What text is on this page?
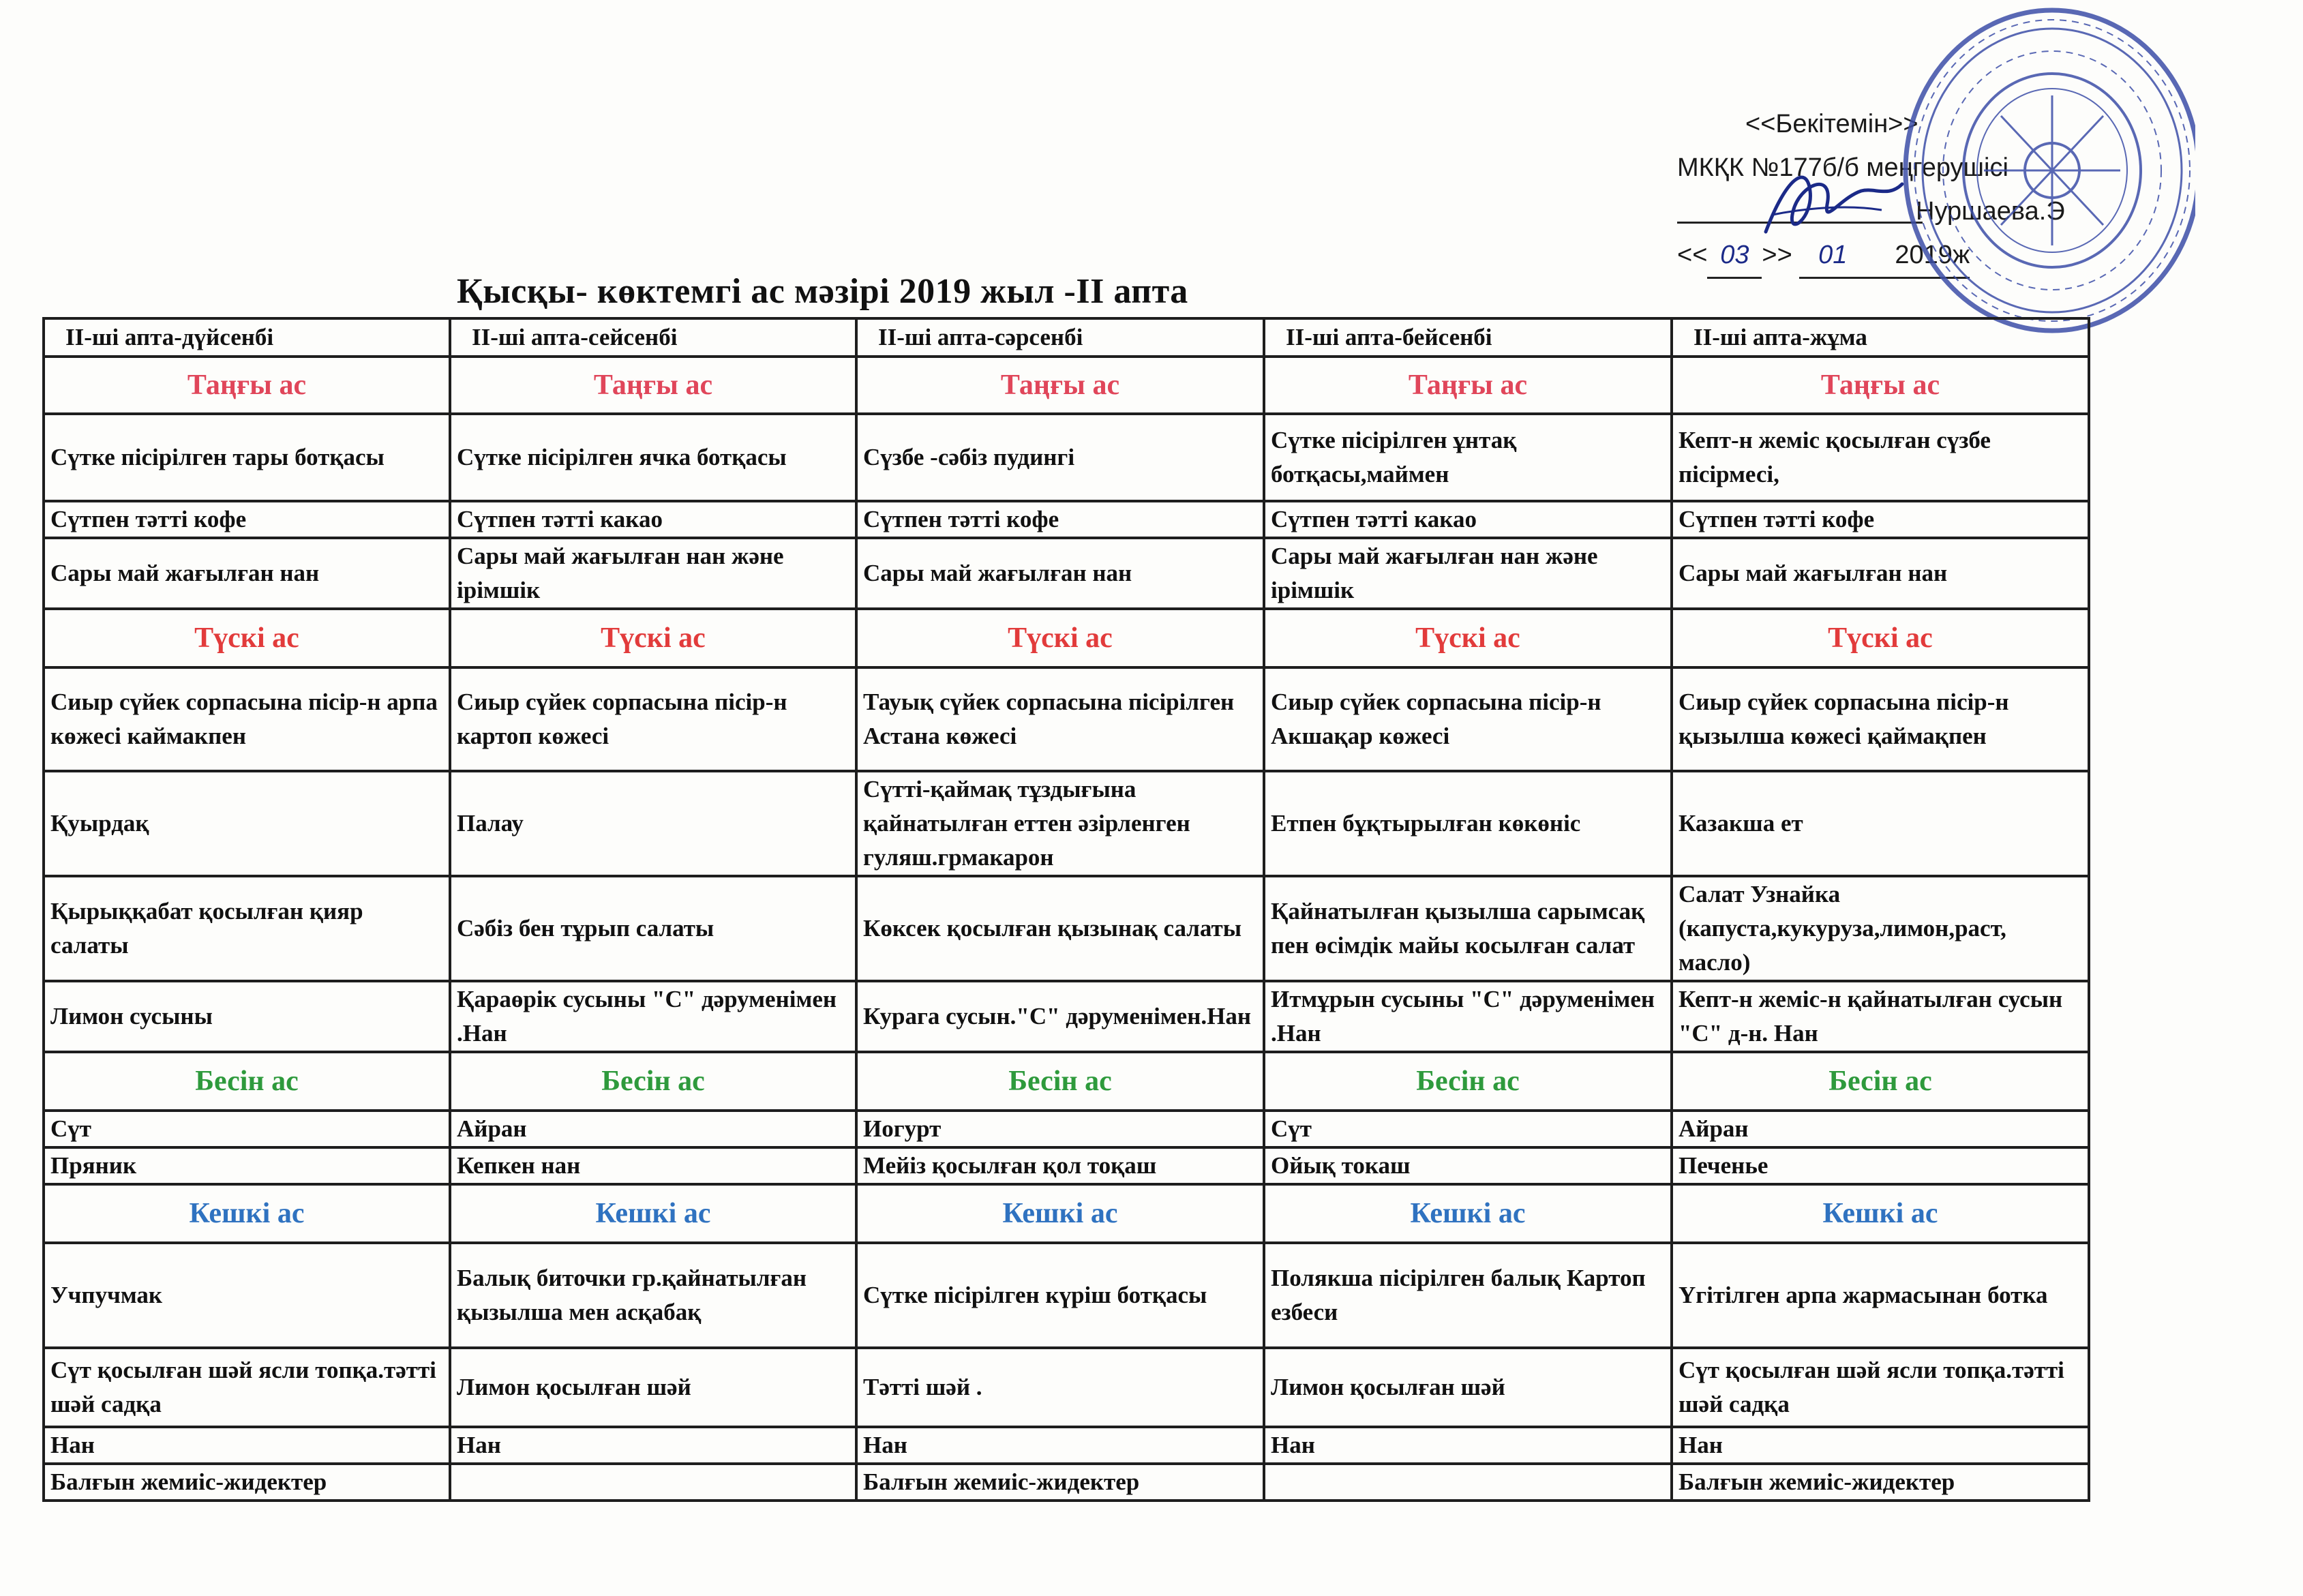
<<Бекітемін>>
МКҚК №177б/б меңгерушісі
Нуршаева.Э
<< 03 >> 01 2019ж
Қысқы- көктемгі ас мәзірі 2019 жыл -II апта
II-ші апта-дүйсенбі	II-ші апта-сейсенбі	II-ші апта-сәрсенбі	II-ші апта-бейсенбі	II-ші апта-жұма
Таңғы ас	Таңғы ас	Таңғы ас	Таңғы ас	Таңғы ас
Сүтке пісірілген тары ботқасы	Сүтке пісірілген ячка ботқасы	Сүзбе -сәбіз пудингі	Сүтке пісірілген ұнтақ ботқасы,маймен	Кепт-н жеміс қосылған сүзбе пісірмесі,
Сүтпен тәтті кофе	Сүтпен тәтті какао	Сүтпен тәтті кофе	Сүтпен тәтті какао	Сүтпен тәтті кофе
Сары май жағылған нан	Сары май жағылған нан және ірімшік	Сары май жағылған нан	Сары май жағылған нан және ірімшік	Сары май жағылған нан
Түскі ас	Түскі ас	Түскі ас	Түскі ас	Түскі ас
Сиыр сүйек сорпасына пісір-н арпа көжесі каймакпен	Сиыр сүйек сорпасына пісір-н картоп көжесі	Тауық сүйек сорпасына пісірілген Астана көжесі	Сиыр сүйек сорпасына пісір-н Акшақар көжесі	Сиыр сүйек сорпасына пісір-н қызылша көжесі қаймақпен
Қуырдақ	Палау	Сүтті-қаймақ тұздығына қайнатылған еттен әзірленген гуляш.грмакарон	Етпен бұқтырылған көкөніс	Казакша ет
Қырыққабат қосылған қияр салаты	Сәбіз бен тұрып салаты	Көксек қосылған қызынақ салаты	Қайнатылған қызылша сарымсақ пен өсімдік майы косылған салат	Салат Узнайка (капуста,кукуруза,лимон,раст, масло)
Лимон сусыны	Қараөрік сусыны "С" дәруменімен .Нан	Курага сусын."С" дәруменімен.Нан	Итмұрын сусыны "С" дәруменімен .Нан	Кепт-н жеміс-н қайнатылған сусын "С" д-н. Нан
Бесін ас	Бесін ас	Бесін ас	Бесін ас	Бесін ас
Сүт	Айран	Иогурт	Сүт	Айран
Пряник	Кепкен нан	Мейіз қосылған қол тоқаш	Ойық токаш	Печенье
Кешкі ас	Кешкі ас	Кешкі ас	Кешкі ас	Кешкі ас
Учпучмак	Балық биточки гр.қайнатылған қызылша мен асқабақ	Сүтке пісірілген күріш ботқасы	Полякша пісірілген балық Картоп езбеси	Үгітілген арпа жармасынан ботка
Сүт қосылған шәй ясли топқа.тәтті шәй садқа	Лимон қосылған шәй	Тәтті шәй .	Лимон қосылған шәй	Сүт қосылған шәй ясли топқа.тәтті шәй садқа
Нан	Нан	Нан	Нан	Нан
Балғын жемиіс-жидектер		Балғын жемиіс-жидектер		Балғын жемиіс-жидектер
